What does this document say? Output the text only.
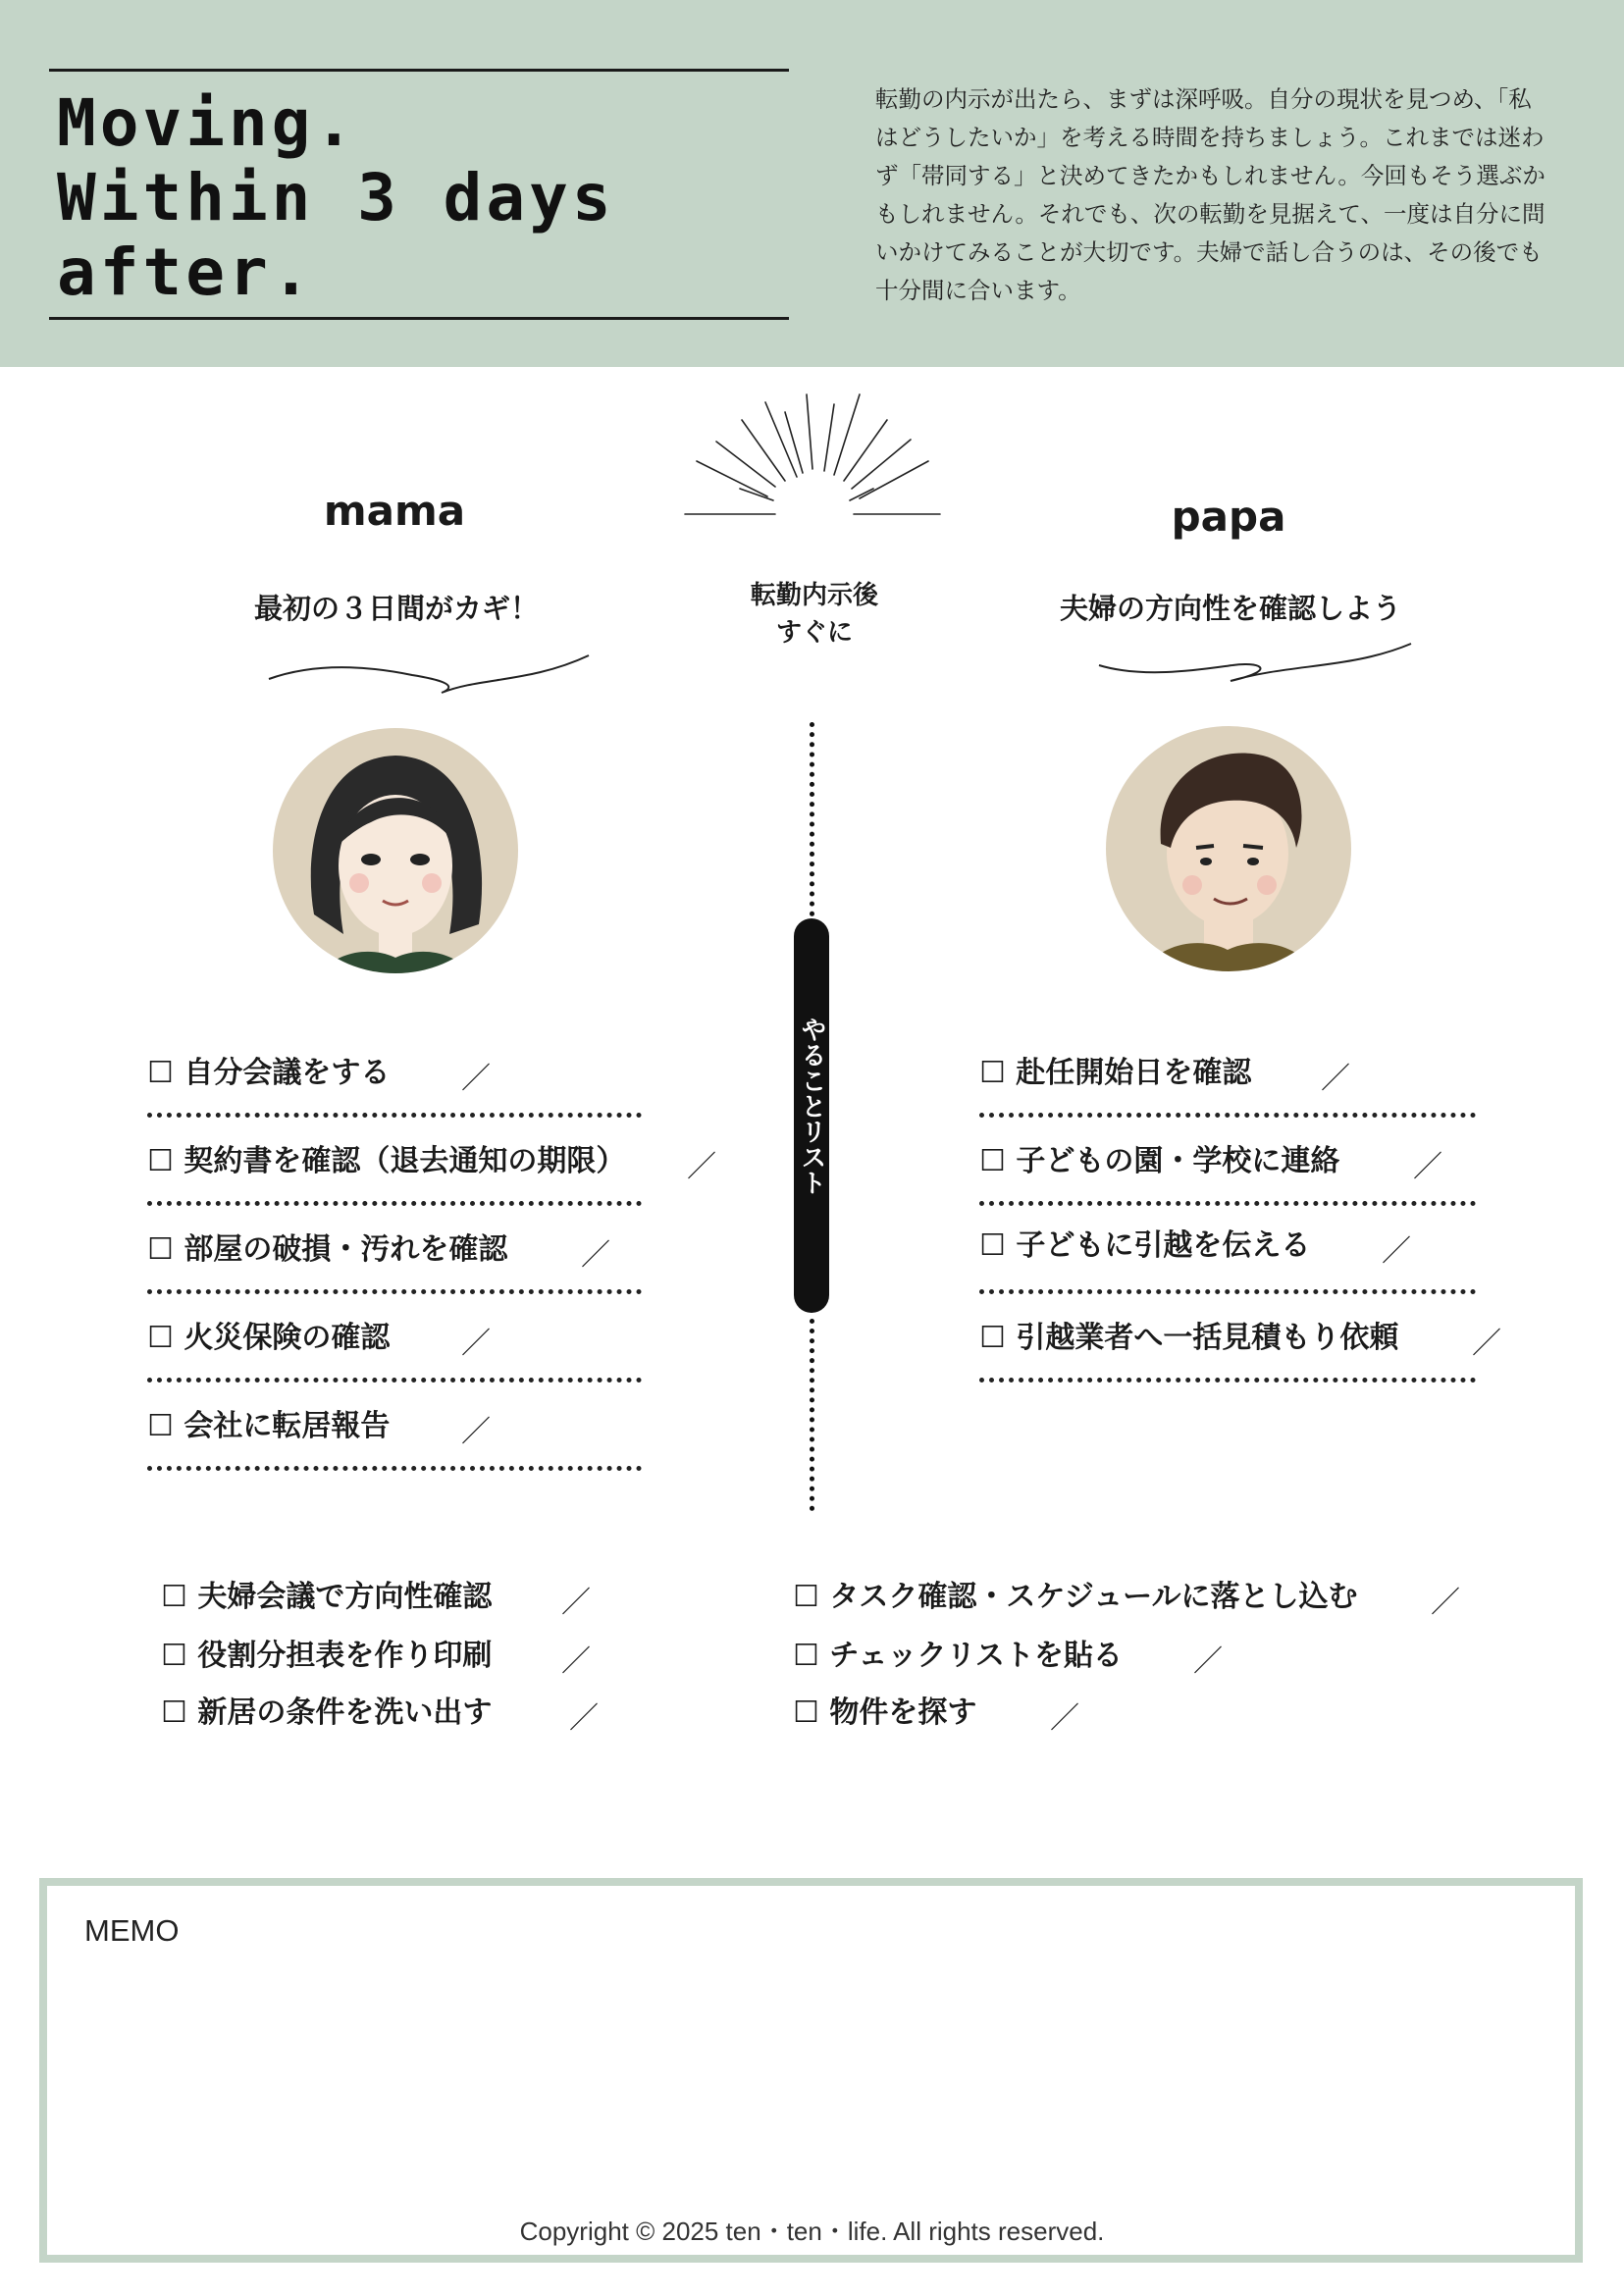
Moving.
Within 3 days
after.
転勤の内示が出たら、まずは深呼吸。自分の現状を見つめ、「私はどうしたいか」を考える時間を持ちましょう。これまでは迷わず「帯同する」と決めてきたかもしれません。今回もそう選ぶかもしれません。それでも、次の転勤を見据えて、一度は自分に問いかけてみることが大切です。夫婦で話し合うのは、その後でも十分間に合います。
mama	papa
最初の３日間がカギ！	夫婦の方向性を確認しよう
転勤内示後
すぐに
やることリスト
☐ 自分会議をする ／
☐ 契約書を確認（退去通知の期限） ／
☐ 部屋の破損・汚れを確認 ／
☐ 火災保険の確認 ／
☐ 会社に転居報告 ／
☐ 赴任開始日を確認 ／
☐ 子どもの園・学校に連絡 ／
☐ 子どもに引越を伝える ／
☐ 引越業者へ一括見積もり依頼 ／
☐ 夫婦会議で方向性確認 ／
☐ 役割分担表を作り印刷 ／
☐ 新居の条件を洗い出す	／
☐ タスク確認・スケジュールに落とし込む ／
☐ チェックリストを貼る ／
☐ 物件を探す ／
MEMO
Copyright © 2025 ten・ten・life. All rights reserved.
